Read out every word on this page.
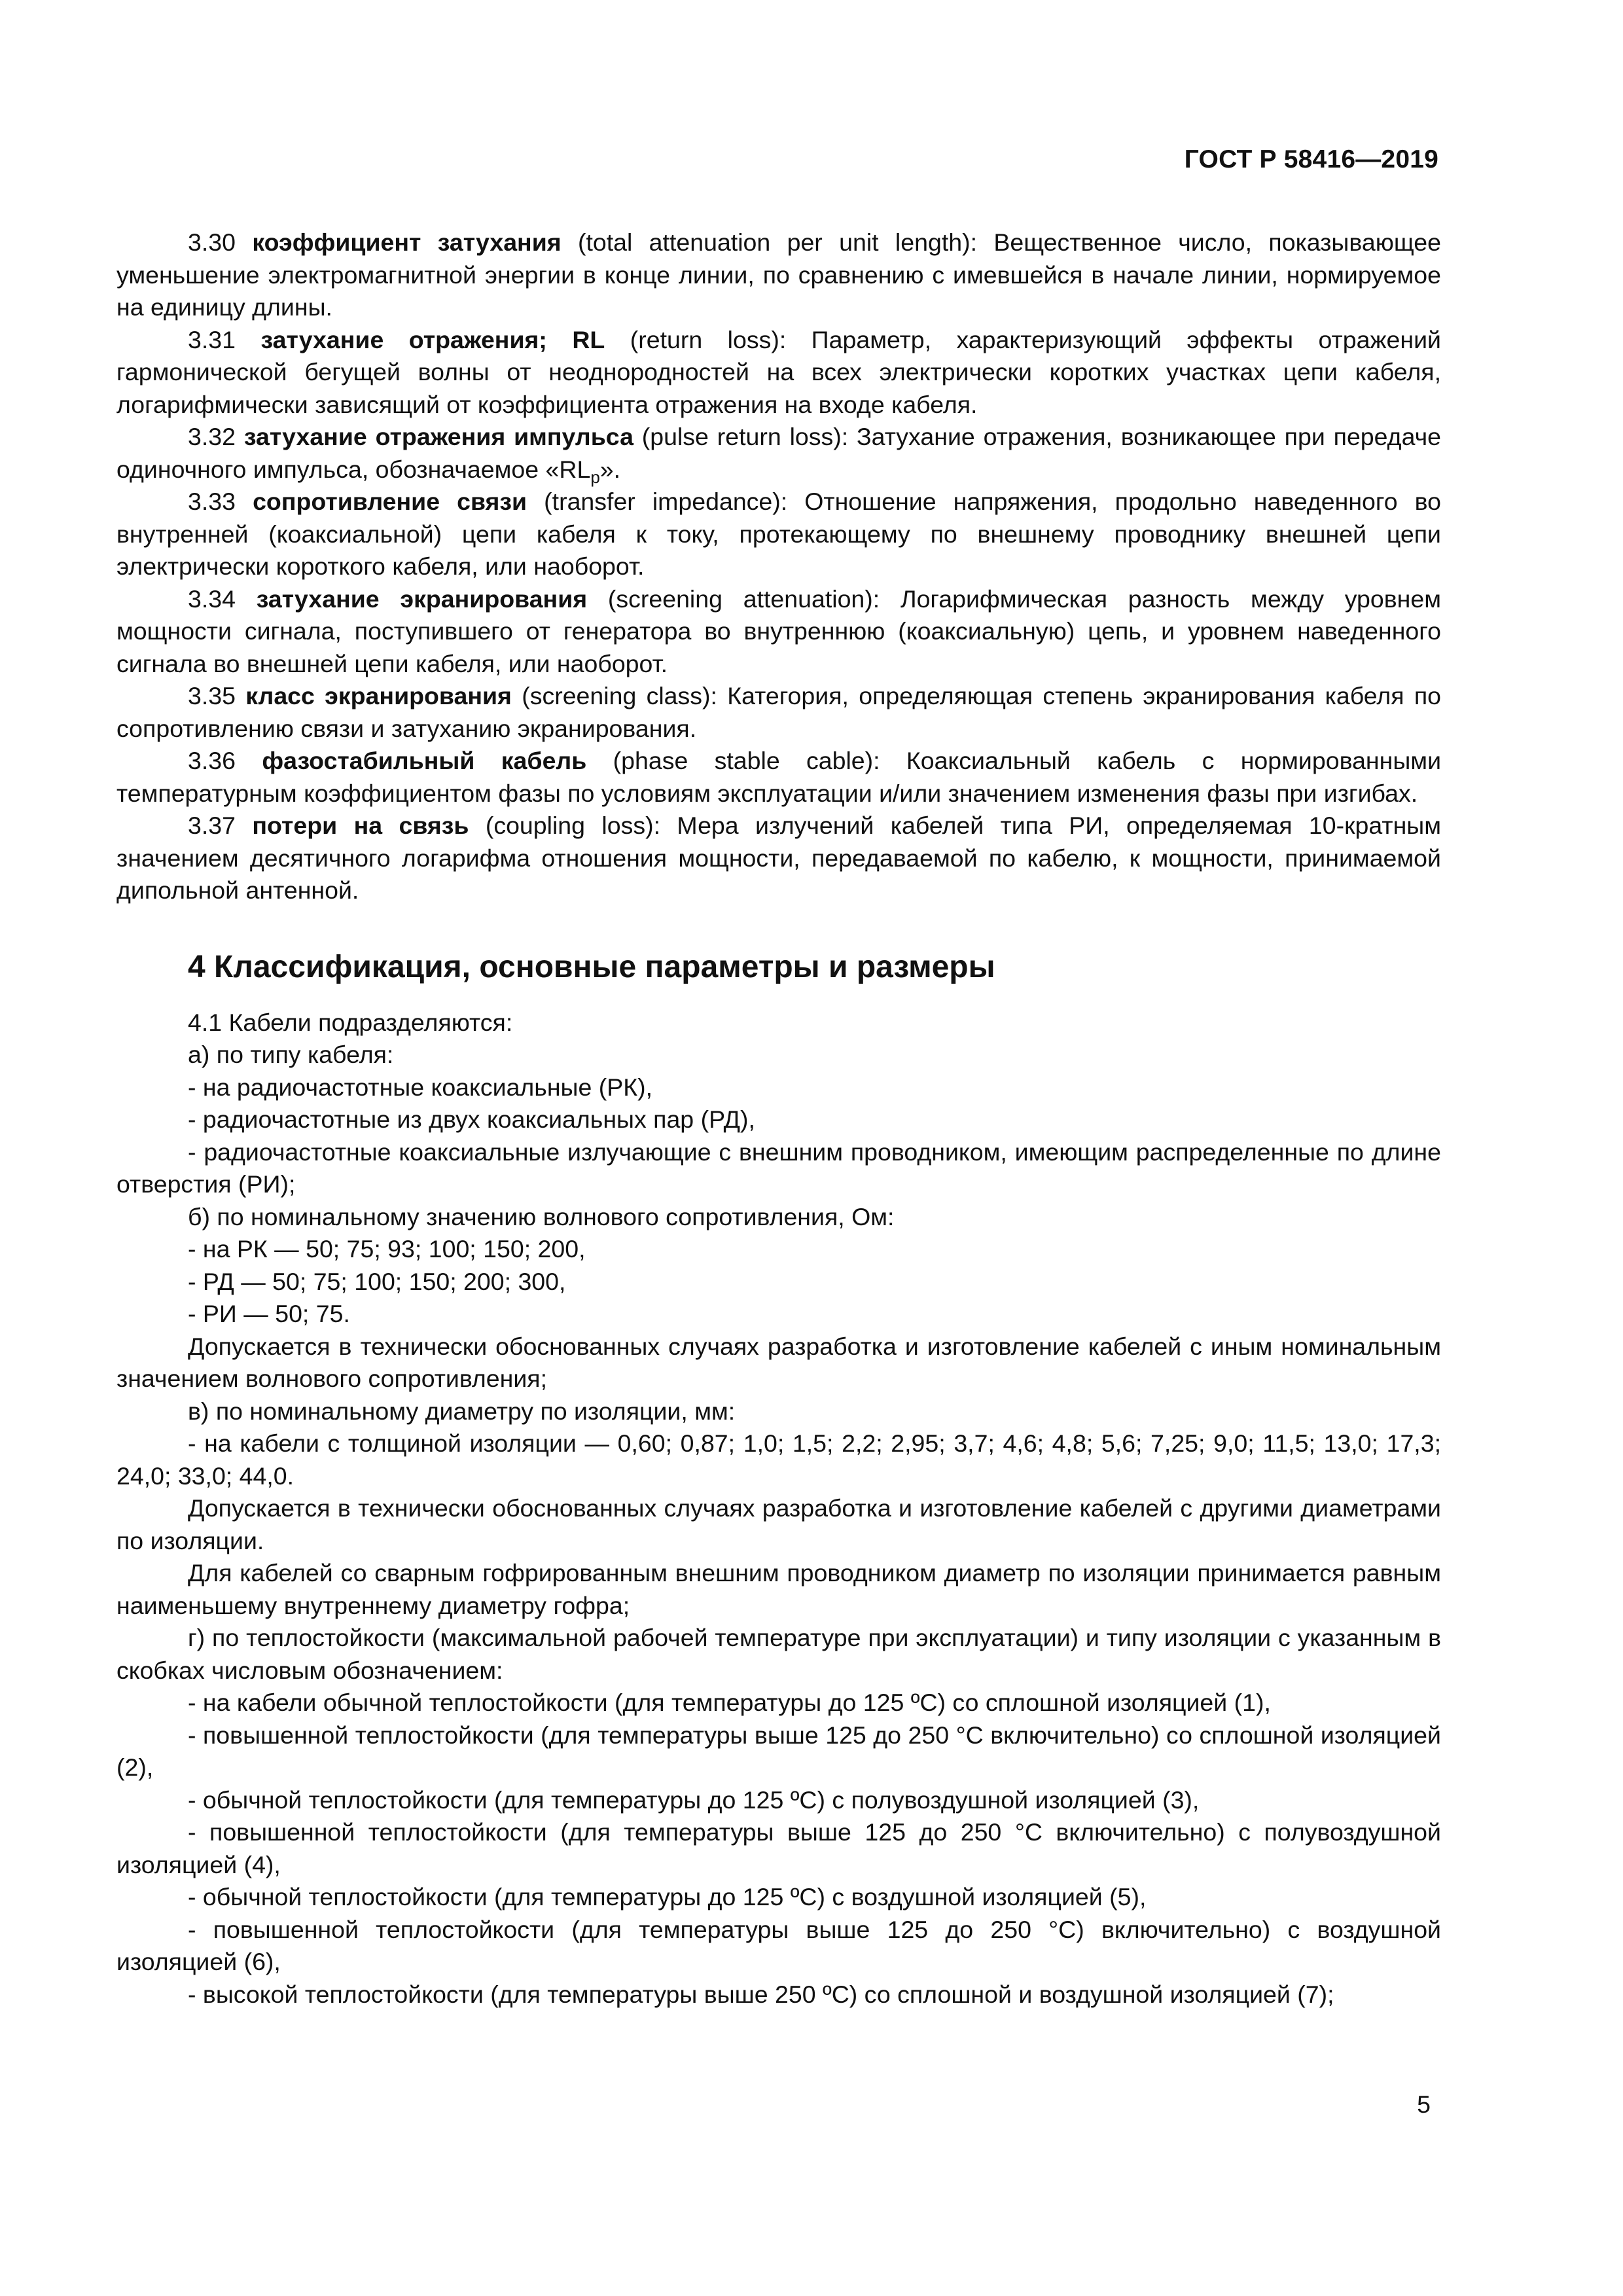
ГОСТ Р 58416—2019

3.30 коэффициент затухания (total attenuation per unit length): Вещественное число, показывающее уменьшение электромагнитной энергии в конце линии, по сравнению с имевшейся в начале линии, нормируемое на единицу длины.

3.31 затухание отражения; RL (return loss): Параметр, характеризующий эффекты отражений гармонической бегущей волны от неоднородностей на всех электрически коротких участках цепи кабеля, логарифмически зависящий от коэффициента отражения на входе кабеля.

3.32 затухание отражения импульса (pulse return loss): Затухание отражения, возникающее при передаче одиночного импульса, обозначаемое «$RL_p$».

3.33 сопротивление связи (transfer impedance): Отношение напряжения, продольно наведенного во внутренней (коаксиальной) цепи кабеля к току, протекающему по внешнему проводнику внешней цепи электрически короткого кабеля, или наоборот.

3.34 затухание экранирования (screening attenuation): Логарифмическая разность между уровнем мощности сигнала, поступившего от генератора во внутреннюю (коаксиальную) цепь, и уровнем наведенного сигнала во внешней цепи кабеля, или наоборот.

3.35 класс экранирования (screening class): Категория, определяющая степень экранирования кабеля по сопротивлению связи и затуханию экранирования.

3.36 фазостабильный кабель (phase stable cable): Коаксиальный кабель с нормированными температурным коэффициентом фазы по условиям эксплуатации и/или значением изменения фазы при изгибах.

3.37 потери на связь (coupling loss): Мера излучений кабелей типа РИ, определяемая 10-кратным значением десятичного логарифма отношения мощности, передаваемой по кабелю, к мощности, принимаемой дипольной антенной.

4 Классификация, основные параметры и размеры

4.1 Кабели подразделяются:

а) по типу кабеля:

- на радиочастотные коаксиальные (РК),

- радиочастотные из двух коаксиальных пар (РД),

- радиочастотные коаксиальные излучающие с внешним проводником, имеющим распределенные по длине отверстия (РИ);

б) по номинальному значению волнового сопротивления, Ом:

- на РК — 50; 75; 93; 100; 150; 200,

- РД — 50; 75; 100; 150; 200; 300,

- РИ — 50; 75.

Допускается в технически обоснованных случаях разработка и изготовление кабелей с иным номинальным значением волнового сопротивления;

в) по номинальному диаметру по изоляции, мм:

- на кабели с толщиной изоляции — 0,60; 0,87; 1,0; 1,5; 2,2; 2,95; 3,7; 4,6; 4,8; 5,6; 7,25; 9,0; 11,5; 13,0; 17,3; 24,0; 33,0; 44,0.

Допускается в технически обоснованных случаях разработка и изготовление кабелей с другими диаметрами по изоляции.

Для кабелей со сварным гофрированным внешним проводником диаметр по изоляции принимается равным наименьшему внутреннему диаметру гофра;

г) по теплостойкости (максимальной рабочей температуре при эксплуатации) и типу изоляции с указанным в скобках числовым обозначением:

- на кабели обычной теплостойкости (для температуры до 125 ºС) со сплошной изоляцией (1),

- повышенной теплостойкости (для температуры выше 125 до 250 °С включительно) со сплошной изоляцией (2),

- обычной теплостойкости (для температуры до 125 ºС) с полувоздушной изоляцией (3),

- повышенной теплостойкости (для температуры выше 125 до 250 °С включительно) с полувоздушной изоляцией (4),

- обычной теплостойкости (для температуры до 125 ºС) с воздушной изоляцией (5),

- повышенной теплостойкости (для температуры выше 125 до 250 °С) включительно) с воздушной изоляцией (6),

- высокой теплостойкости (для температуры выше 250 ºС) со сплошной и воздушной изоляцией (7);

5
